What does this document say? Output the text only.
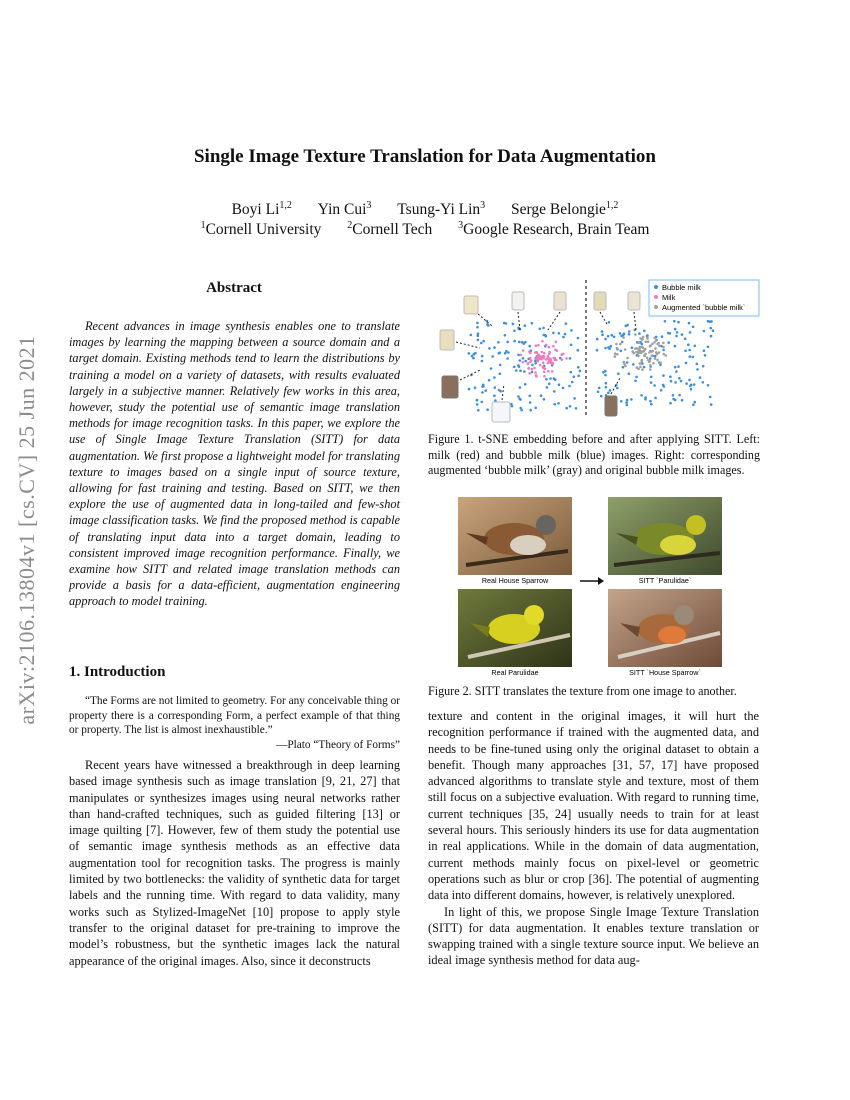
arXiv:2106.13804v1 [cs.CV] 25 Jun 2021
Single Image Texture Translation for Data Augmentation
Boyi Li$^{1,2}$ Yin Cui$^3$ Tsung-Yi Lin$^3$ Serge Belongie$^{1,2}$
$^1$Cornell University	$^2$Cornell Tech	$^3$Google Research, Brain Team
Abstract

Recent advances in image synthesis enables one to translate images by learning the mapping between a source domain and a target domain. Existing methods tend to learn the distributions by training a model on a variety of datasets, with results evaluated largely in a subjective manner. Relatively few works in this area, however, study the potential use of semantic image translation methods for image recognition tasks. In this paper, we explore the use of Single Image Texture Translation (SITT) for data augmentation. We first propose a lightweight model for translating texture to images based on a single input of source texture, allowing for fast training and testing. Based on SITT, we then explore the use of augmented data in long-tailed and few-shot image classification tasks. We find the proposed method is capable of translating input data into a target domain, leading to consistent improved image recognition performance. Finally, we examine how SITT and related image translation methods can provide a basis for a data-efficient, augmentation engineering approach to model training.

1. Introduction

“The Forms are not limited to geometry. For any conceivable thing or property there is a corresponding Form, a perfect example of that thing or property. The list is almost inexhaustible.”

—Plato “Theory of Forms”

Recent years have witnessed a breakthrough in deep learning based image synthesis such as image translation [9, 21, 27] that manipulates or synthesizes images using neural networks rather than hand-crafted techniques, such as guided filtering [13] or image quilting [7]. However, few of them study the potential use of semantic image synthesis methods as an effective data augmentation tool for recognition tasks. The progress is mainly limited by two bottlenecks: the validity of synthetic data for target labels and the running time. With regard to data validity, many works such as Stylized-ImageNet [10] propose to apply style transfer to the original dataset for pre-training to improve the model’s robustness, but the synthetic images lack the natural appearance of the original images. Also, since it deconstructs

Bubble milk
Milk
Augmented `bubble milk`
Figure 1. t-SNE embedding before and after applying SITT. Left: milk (red) and bubble milk (blue) images. Right: corresponding augmented ‘bubble milk’ (gray) and original bubble milk images.
Real House Sparrow	SITT `Parulidae`
Real Parulidae	SITT `House Sparrow`
Figure 2. SITT translates the texture from one image to another.

texture and content in the original images, it will hurt the recognition performance if trained with the augmented data, and needs to be fine-tuned using only the original dataset to obtain a benefit. Though many approaches [31, 57, 17] have proposed advanced algorithms to translate style and texture, most of them still focus on a subjective evaluation. With regard to running time, current techniques [35, 24] usually needs to train for at least several hours. This seriously hinders its use for data augmentation in real applications. While in the domain of data augmentation, current methods mainly focus on pixel-level or geometric operations such as blur or crop [36]. The potential of augmenting data into different domains, however, is relatively unexplored.

In light of this, we propose Single Image Texture Translation (SITT) for data augmentation. It enables texture translation or swapping trained with a single texture source input. We believe an ideal image synthesis method for data aug-
